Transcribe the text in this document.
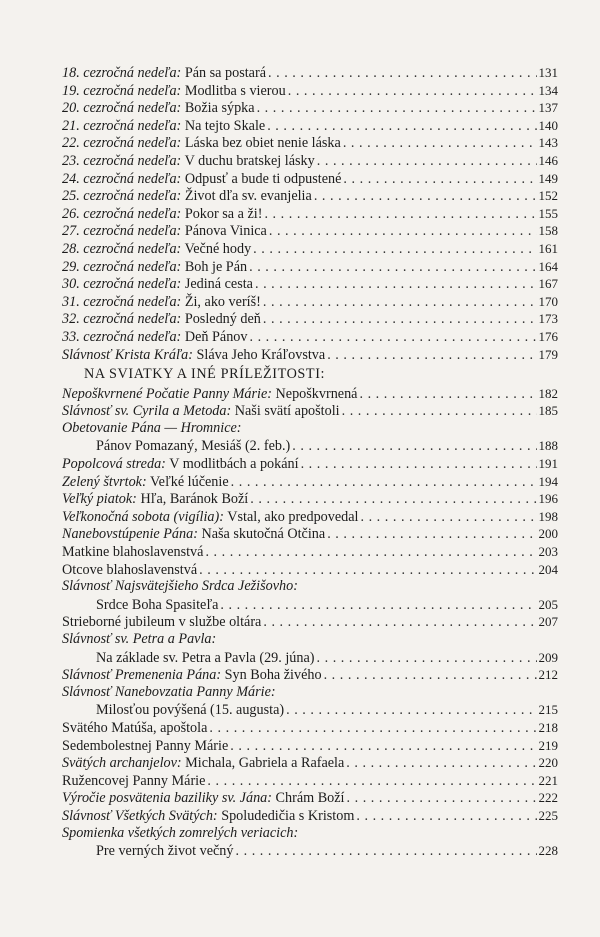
18. cezročná nedeľa: Pán sa postará . . .	131
19. cezročná nedeľa: Modlitba s vierou . . .	134
20. cezročná nedeľa: Božia sýpka . . .	137
21. cezročná nedeľa: Na tejto Skale . . .	140
22. cezročná nedeľa: Láska bez obiet nenie láska . . .	143
23. cezročná nedeľa: V duchu bratskej lásky . . .	146
24. cezročná nedeľa: Odpusť a bude ti odpustené . . .	149
25. cezročná nedeľa: Život dľa sv. evanjelia . . .	152
26. cezročná nedeľa: Pokor sa a ži! . . .	155
27. cezročná nedeľa: Pánova Vinica . . .	158
28. cezročná nedeľa: Večné hody . . .	161
29. cezročná nedeľa: Boh je Pán . . .	164
30. cezročná nedeľa: Jediná cesta . . .	167
31. cezročná nedeľa: Ži, ako veríš! . . .	170
32. cezročná nedeľa: Posledný deň . . .	173
33. cezročná nedeľa: Deň Pánov . . .	176
Slávnosť Krista Kráľa: Sláva Jeho Kráľovstva . . .	179
NA SVIATKY A INÉ PRÍLEŽITOSTI:
Nepoškvrnené Počatie Panny Márie: Nepoškvrnená . . .	182
Slávnosť sv. Cyrila a Metoda: Naši svätí apoštoli . . .	185
Obetovanie Pána — Hromnice:
Pánov Pomazaný, Mesiáš (2. feb.) . . .	188
Popolcová streda: V modlitbách a pokání . . .	191
Zelený štvrtok: Veľké lúčenie . . .	194
Veľký piatok: Hľa, Baránok Boží . . .	196
Veľkonočná sobota (vigília): Vstal, ako predpovedal . . .	198
Nanebovstúpenie Pána: Naša skutočná Otčina . . .	200
Matkine blahoslavenstvá . . .	203
Otcove blahoslavenstvá . . .	204
Slávnosť Najsvätejšieho Srdca Ježišovho:
Srdce Boha Spasiteľa . . .	205
Strieborné jubileum v službe oltára . . .	207
Slávnosť sv. Petra a Pavla:
Na základe sv. Petra a Pavla (29. júna) . . .	209
Slávnosť Premenenia Pána: Syn Boha živého . . .	212
Slávnosť Nanebovzatia Panny Márie:
Milosťou povýšená (15. augusta) . . .	215
Svätého Matúša, apoštola . . .	218
Sedembolestnej Panny Márie . . .	219
Svätých archanjelov: Michala, Gabriela a Rafaela . . .	220
Ružencovej Panny Márie . . .	221
Výročie posvätenia baziliky sv. Jána: Chrám Boží . . .	222
Slávnosť Všetkých Svätých: Spoludedičia s Kristom . . .	225
Spomienka všetkých zomrelých veriacich:
Pre verných život večný . . .	228
